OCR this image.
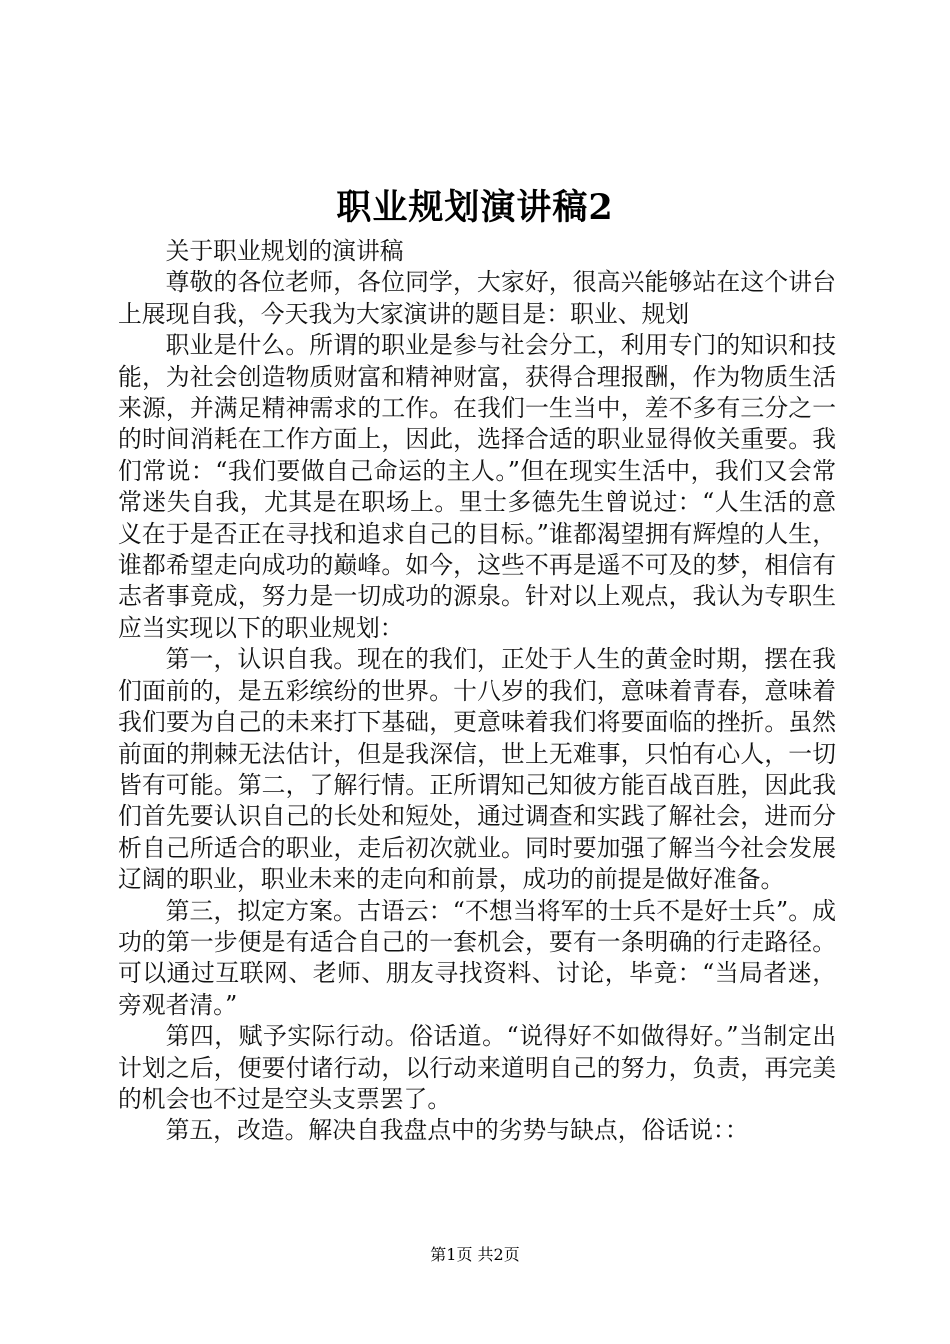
职业规划演讲稿2

关于职业规划的演讲稿

尊敬的各位老师，各位同学，大家好，很高兴能够站在这个讲台上展现自我，今天我为大家演讲的题目是：职业、规划

职业是什么。所谓的职业是参与社会分工，利用专门的知识和技能，为社会创造物质财富和精神财富，获得合理报酬，作为物质生活来源，并满足精神需求的工作。在我们一生当中，差不多有三分之一的时间消耗在工作方面上，因此，选择合适的职业显得攸关重要。我们常说：“我们要做自己命运的主人。”但在现实生活中，我们又会常常迷失自我，尤其是在职场上。里士多德先生曾说过：“人生活的意义在于是否正在寻找和追求自己的目标。”谁都渴望拥有辉煌的人生，谁都希望走向成功的巅峰。如今，这些不再是遥不可及的梦，相信有志者事竟成，努力是一切成功的源泉。针对以上观点，我认为专职生应当实现以下的职业规划：

第一，认识自我。现在的我们，正处于人生的黄金时期，摆在我们面前的，是五彩缤纷的世界。十八岁的我们，意味着青春，意味着我们要为自己的未来打下基础，更意味着我们将要面临的挫折。虽然前面的荆棘无法估计，但是我深信，世上无难事，只怕有心人，一切皆有可能。第二，了解行情。正所谓知己知彼方能百战百胜，因此我们首先要认识自己的长处和短处，通过调查和实践了解社会，进而分析自己所适合的职业，走后初次就业。同时要加强了解当今社会发展辽阔的职业，职业未来的走向和前景，成功的前提是做好准备。

第三，拟定方案。古语云：“不想当将军的士兵不是好士兵”。成功的第一步便是有适合自己的一套机会，要有一条明确的行走路径。可以通过互联网、老师、朋友寻找资料、讨论，毕竟：“当局者迷，旁观者清。”

第四，赋予实际行动。俗话道。“说得好不如做得好。”当制定出计划之后，便要付诸行动，以行动来道明自己的努力，负责，再完美的机会也不过是空头支票罢了。

第五，改造。解决自我盘点中的劣势与缺点，俗话说：：

第1页 共2页
